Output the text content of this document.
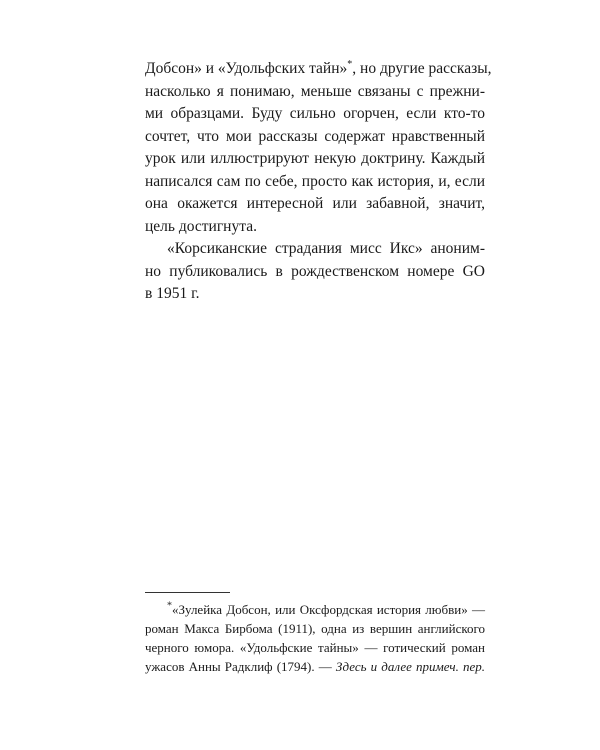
Добсон» и «Удольфских тайн»*, но другие рассказы,
насколько я понимаю, меньше связаны с прежни-
ми образцами. Буду сильно огорчен, если кто-то
сочтет, что мои рассказы содержат нравственный
урок или иллюстрируют некую доктрину. Каждый
написался сам по себе, просто как история, и, если
она окажется интересной или забавной, значит,
цель достигнута.

«Корсиканские страдания мисс Икс» аноним-
но публиковались в рождественском номере GO
в 1951 г.

*«Зулейка Добсон, или Оксфордская история любви» —
роман Макса Бирбома (1911), одна из вершин английского
черного юмора. «Удольфские тайны» — готический роман
ужасов Анны Радклиф (1794). — Здесь и далее примеч. пер.
